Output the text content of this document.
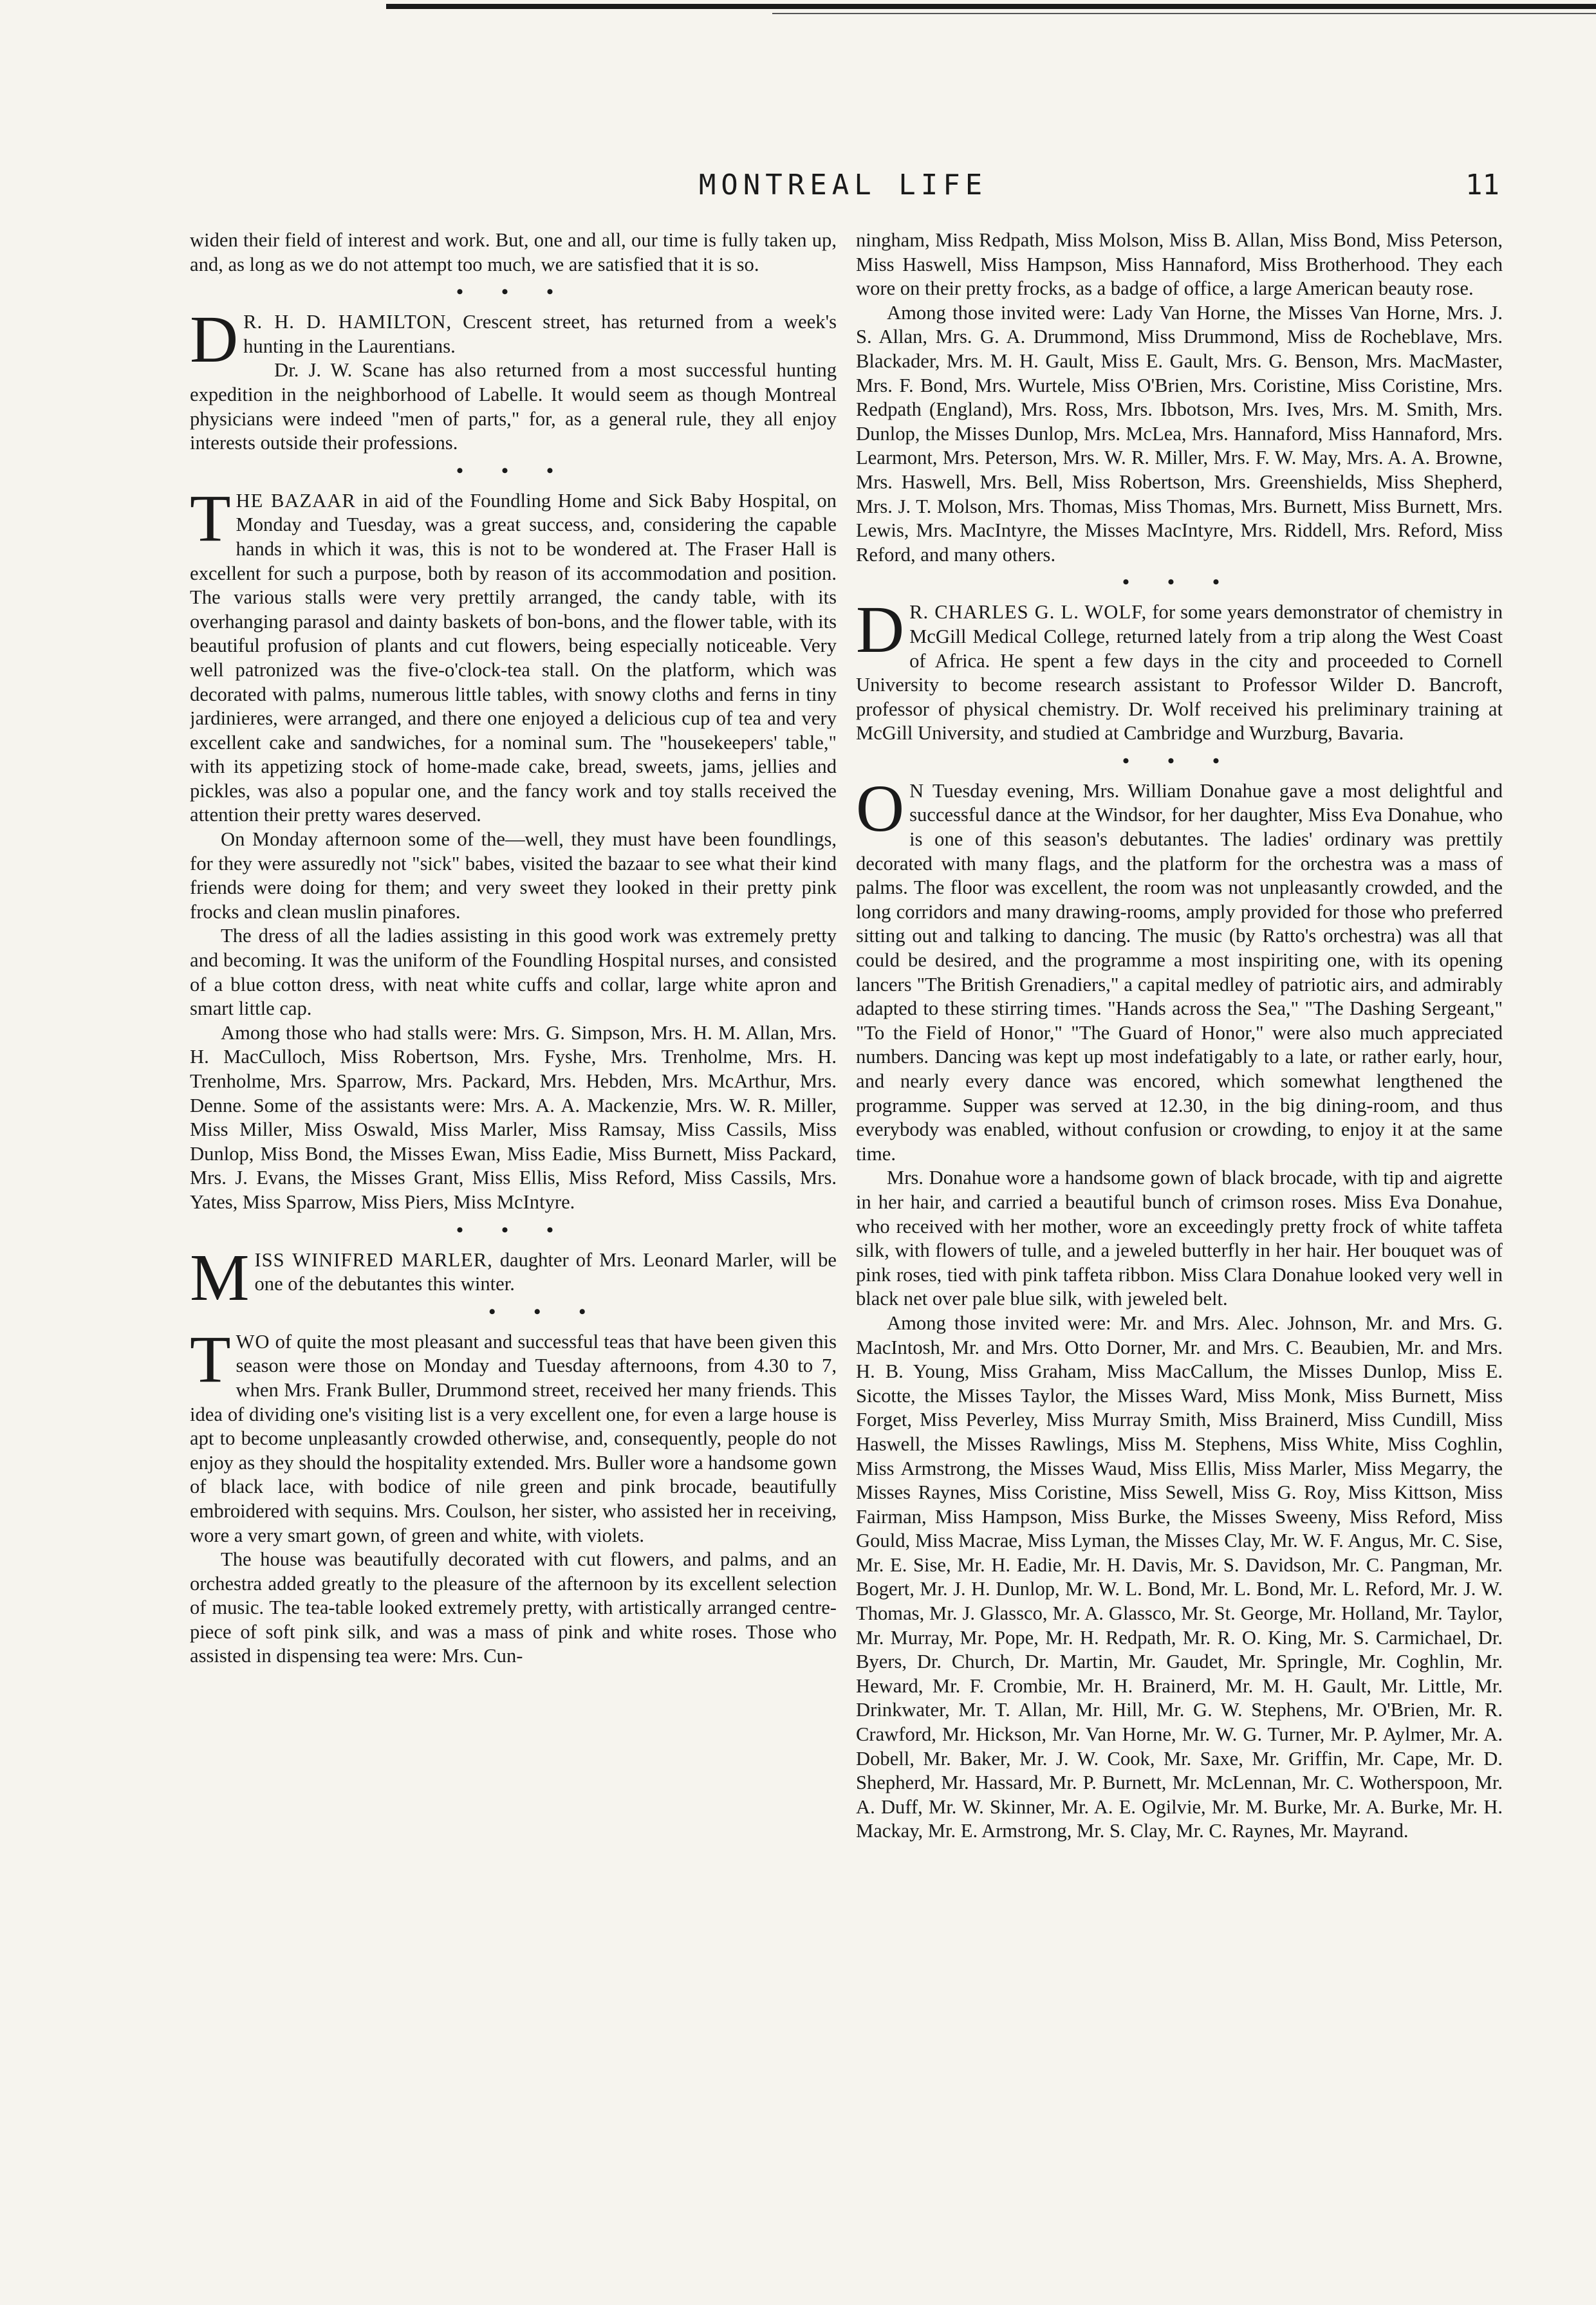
MONTREAL LIFE	11

widen their field of interest and work. But, one and all, our time is fully taken up, and, as long as we do not attempt too much, we are satisfied that it is so.

• • •

D R. H. D. HAMILTON, Crescent street, has returned from a week's hunting in the Laurentians.

Dr. J. W. Scane has also returned from a most successful hunting expedition in the neighborhood of Labelle. It would seem as though Montreal physicians were indeed "men of parts," for, as a general rule, they all enjoy interests outside their professions.

• • •

THE BAZAAR in aid of the Foundling Home and Sick Baby Hospital, on Monday and Tuesday, was a great success, and, considering the capable hands in which it was, this is not to be wondered at. The Fraser Hall is excellent for such a purpose, both by reason of its accommodation and position. The various stalls were very prettily arranged, the candy table, with its overhanging parasol and dainty baskets of bon-bons, and the flower table, with its beautiful profusion of plants and cut flowers, being especially noticeable. Very well patronized was the five-o'clock-tea stall. On the platform, which was decorated with palms, numerous little tables, with snowy cloths and ferns in tiny jardinieres, were arranged, and there one enjoyed a delicious cup of tea and very excellent cake and sandwiches, for a nominal sum. The "housekeepers' table," with its appetizing stock of home-made cake, bread, sweets, jams, jellies and pickles, was also a popular one, and the fancy work and toy stalls received the attention their pretty wares deserved.

On Monday afternoon some of the—well, they must have been foundlings, for they were assuredly not "sick" babes, visited the bazaar to see what their kind friends were doing for them; and very sweet they looked in their pretty pink frocks and clean muslin pinafores.

The dress of all the ladies assisting in this good work was extremely pretty and becoming. It was the uniform of the Foundling Hospital nurses, and consisted of a blue cotton dress, with neat white cuffs and collar, large white apron and smart little cap.

Among those who had stalls were: Mrs. G. Simpson, Mrs. H. M. Allan, Mrs. H. MacCulloch, Miss Robertson, Mrs. Fyshe, Mrs. Trenholme, Mrs. H. Trenholme, Mrs. Sparrow, Mrs. Packard, Mrs. Hebden, Mrs. McArthur, Mrs. Denne. Some of the assistants were: Mrs. A. A. Mackenzie, Mrs. W. R. Miller, Miss Miller, Miss Oswald, Miss Marler, Miss Ramsay, Miss Cassils, Miss Dunlop, Miss Bond, the Misses Ewan, Miss Eadie, Miss Burnett, Miss Packard, Mrs. J. Evans, the Misses Grant, Miss Ellis, Miss Reford, Miss Cassils, Mrs. Yates, Miss Sparrow, Miss Piers, Miss McIntyre.

• • •

MISS WINIFRED MARLER, daughter of Mrs. Leonard Marler, will be one of the debutantes this winter.

• • •

TWO of quite the most pleasant and successful teas that have been given this season were those on Monday and Tuesday afternoons, from 4.30 to 7, when Mrs. Frank Buller, Drummond street, received her many friends. This idea of dividing one's visiting list is a very excellent one, for even a large house is apt to become unpleasantly crowded otherwise, and, consequently, people do not enjoy as they should the hospitality extended. Mrs. Buller wore a handsome gown of black lace, with bodice of nile green and pink brocade, beautifully embroidered with sequins. Mrs. Coulson, her sister, who assisted her in receiving, wore a very smart gown, of green and white, with violets.

The house was beautifully decorated with cut flowers, and palms, and an orchestra added greatly to the pleasure of the afternoon by its excellent selection of music. The tea-table looked extremely pretty, with artistically arranged centre-piece of soft pink silk, and was a mass of pink and white roses. Those who assisted in dispensing tea were: Mrs. Cun-

ningham, Miss Redpath, Miss Molson, Miss B. Allan, Miss Bond, Miss Peterson, Miss Haswell, Miss Hampson, Miss Hannaford, Miss Brotherhood. They each wore on their pretty frocks, as a badge of office, a large American beauty rose.

Among those invited were: Lady Van Horne, the Misses Van Horne, Mrs. J. S. Allan, Mrs. G. A. Drummond, Miss Drummond, Miss de Rocheblave, Mrs. Blackader, Mrs. M. H. Gault, Miss E. Gault, Mrs. G. Benson, Mrs. MacMaster, Mrs. F. Bond, Mrs. Wurtele, Miss O'Brien, Mrs. Coristine, Miss Coristine, Mrs. Redpath (England), Mrs. Ross, Mrs. Ibbotson, Mrs. Ives, Mrs. M. Smith, Mrs. Dunlop, the Misses Dunlop, Mrs. McLea, Mrs. Hannaford, Miss Hannaford, Mrs. Learmont, Mrs. Peterson, Mrs. W. R. Miller, Mrs. F. W. May, Mrs. A. A. Browne, Mrs. Haswell, Mrs. Bell, Miss Robertson, Mrs. Greenshields, Miss Shepherd, Mrs. J. T. Molson, Mrs. Thomas, Miss Thomas, Mrs. Burnett, Miss Burnett, Mrs. Lewis, Mrs. MacIntyre, the Misses MacIntyre, Mrs. Riddell, Mrs. Reford, Miss Reford, and many others.

• • •

D R. CHARLES G. L. WOLF, for some years demonstrator of chemistry in McGill Medical College, returned lately from a trip along the West Coast of Africa. He spent a few days in the city and proceeded to Cornell University to become research assistant to Professor Wilder D. Bancroft, professor of physical chemistry. Dr. Wolf received his preliminary training at McGill University, and studied at Cambridge and Wurzburg, Bavaria.

• • •

O N Tuesday evening, Mrs. William Donahue gave a most delightful and successful dance at the Windsor, for her daughter, Miss Eva Donahue, who is one of this season's debutantes. The ladies' ordinary was prettily decorated with many flags, and the platform for the orchestra was a mass of palms. The floor was excellent, the room was not unpleasantly crowded, and the long corridors and many drawing-rooms, amply provided for those who preferred sitting out and talking to dancing. The music (by Ratto's orchestra) was all that could be desired, and the programme a most inspiriting one, with its opening lancers "The British Grenadiers," a capital medley of patriotic airs, and admirably adapted to these stirring times. "Hands across the Sea," "The Dashing Sergeant," "To the Field of Honor," "The Guard of Honor," were also much appreciated numbers. Dancing was kept up most indefatigably to a late, or rather early, hour, and nearly every dance was encored, which somewhat lengthened the programme. Supper was served at 12.30, in the big dining-room, and thus everybody was enabled, without confusion or crowding, to enjoy it at the same time.

Mrs. Donahue wore a handsome gown of black brocade, with tip and aigrette in her hair, and carried a beautiful bunch of crimson roses. Miss Eva Donahue, who received with her mother, wore an exceedingly pretty frock of white taffeta silk, with flowers of tulle, and a jeweled butterfly in her hair. Her bouquet was of pink roses, tied with pink taffeta ribbon. Miss Clara Donahue looked very well in black net over pale blue silk, with jeweled belt.

Among those invited were: Mr. and Mrs. Alec. Johnson, Mr. and Mrs. G. MacIntosh, Mr. and Mrs. Otto Dorner, Mr. and Mrs. C. Beaubien, Mr. and Mrs. H. B. Young, Miss Graham, Miss MacCallum, the Misses Dunlop, Miss E. Sicotte, the Misses Taylor, the Misses Ward, Miss Monk, Miss Burnett, Miss Forget, Miss Peverley, Miss Murray Smith, Miss Brainerd, Miss Cundill, Miss Haswell, the Misses Rawlings, Miss M. Stephens, Miss White, Miss Coghlin, Miss Armstrong, the Misses Waud, Miss Ellis, Miss Marler, Miss Megarry, the Misses Raynes, Miss Coristine, Miss Sewell, Miss G. Roy, Miss Kittson, Miss Fairman, Miss Hampson, Miss Burke, the Misses Sweeny, Miss Reford, Miss Gould, Miss Macrae, Miss Lyman, the Misses Clay, Mr. W. F. Angus, Mr. C. Sise, Mr. E. Sise, Mr. H. Eadie, Mr. H. Davis, Mr. S. Davidson, Mr. C. Pangman, Mr. Bogert, Mr. J. H. Dunlop, Mr. W. L. Bond, Mr. L. Bond, Mr. L. Reford, Mr. J. W. Thomas, Mr. J. Glassco, Mr. A. Glassco, Mr. St. George, Mr. Holland, Mr. Taylor, Mr. Murray, Mr. Pope, Mr. H. Redpath, Mr. R. O. King, Mr. S. Carmichael, Dr. Byers, Dr. Church, Dr. Martin, Mr. Gaudet, Mr. Springle, Mr. Coghlin, Mr. Heward, Mr. F. Crombie, Mr. H. Brainerd, Mr. M. H. Gault, Mr. Little, Mr. Drinkwater, Mr. T. Allan, Mr. Hill, Mr. G. W. Stephens, Mr. O'Brien, Mr. R. Crawford, Mr. Hickson, Mr. Van Horne, Mr. W. G. Turner, Mr. P. Aylmer, Mr. A. Dobell, Mr. Baker, Mr. J. W. Cook, Mr. Saxe, Mr. Griffin, Mr. Cape, Mr. D. Shepherd, Mr. Hassard, Mr. P. Burnett, Mr. McLennan, Mr. C. Wotherspoon, Mr. A. Duff, Mr. W. Skinner, Mr. A. E. Ogilvie, Mr. M. Burke, Mr. A. Burke, Mr. H. Mackay, Mr. E. Armstrong, Mr. S. Clay, Mr. C. Raynes, Mr. Mayrand.
